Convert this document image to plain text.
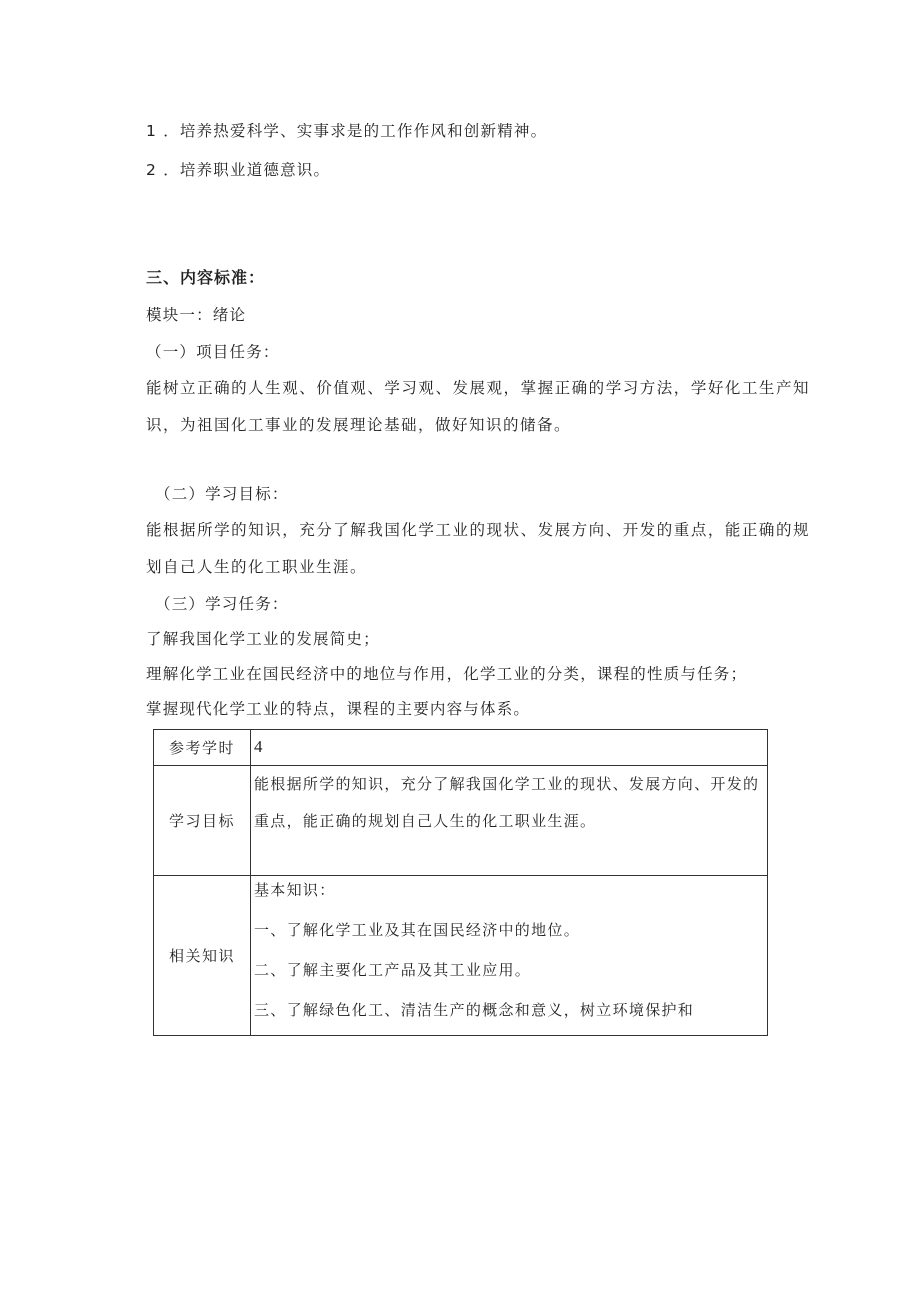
1 ．培养热爱科学、实事求是的工作作风和创新精神。
2 ．培养职业道德意识。
三、内容标准：
模块一：绪论
（一）项目任务：
能树立正确的人生观、价值观、学习观、发展观，掌握正确的学习方法，学好化工生产知识，为祖国化工事业的发展理论基础，做好知识的储备。
（二）学习目标：
能根据所学的知识，充分了解我国化学工业的现状、发展方向、开发的重点，能正确的规划自己人生的化工职业生涯。
（三）学习任务：
了解我国化学工业的发展简史；
理解化学工业在国民经济中的地位与作用，化学工业的分类，课程的性质与任务；
掌握现代化学工业的特点，课程的主要内容与体系。
参考学时	4
学习目标	能根据所学的知识，充分了解我国化学工业的现状、发展方向、开发的重点，能正确的规划自己人生的化工职业生涯。
相关知识	基本知识：
一、了解化学工业及其在国民经济中的地位。
二、了解主要化工产品及其工业应用。
三、了解绿色化工、清洁生产的概念和意义，树立环境保护和
